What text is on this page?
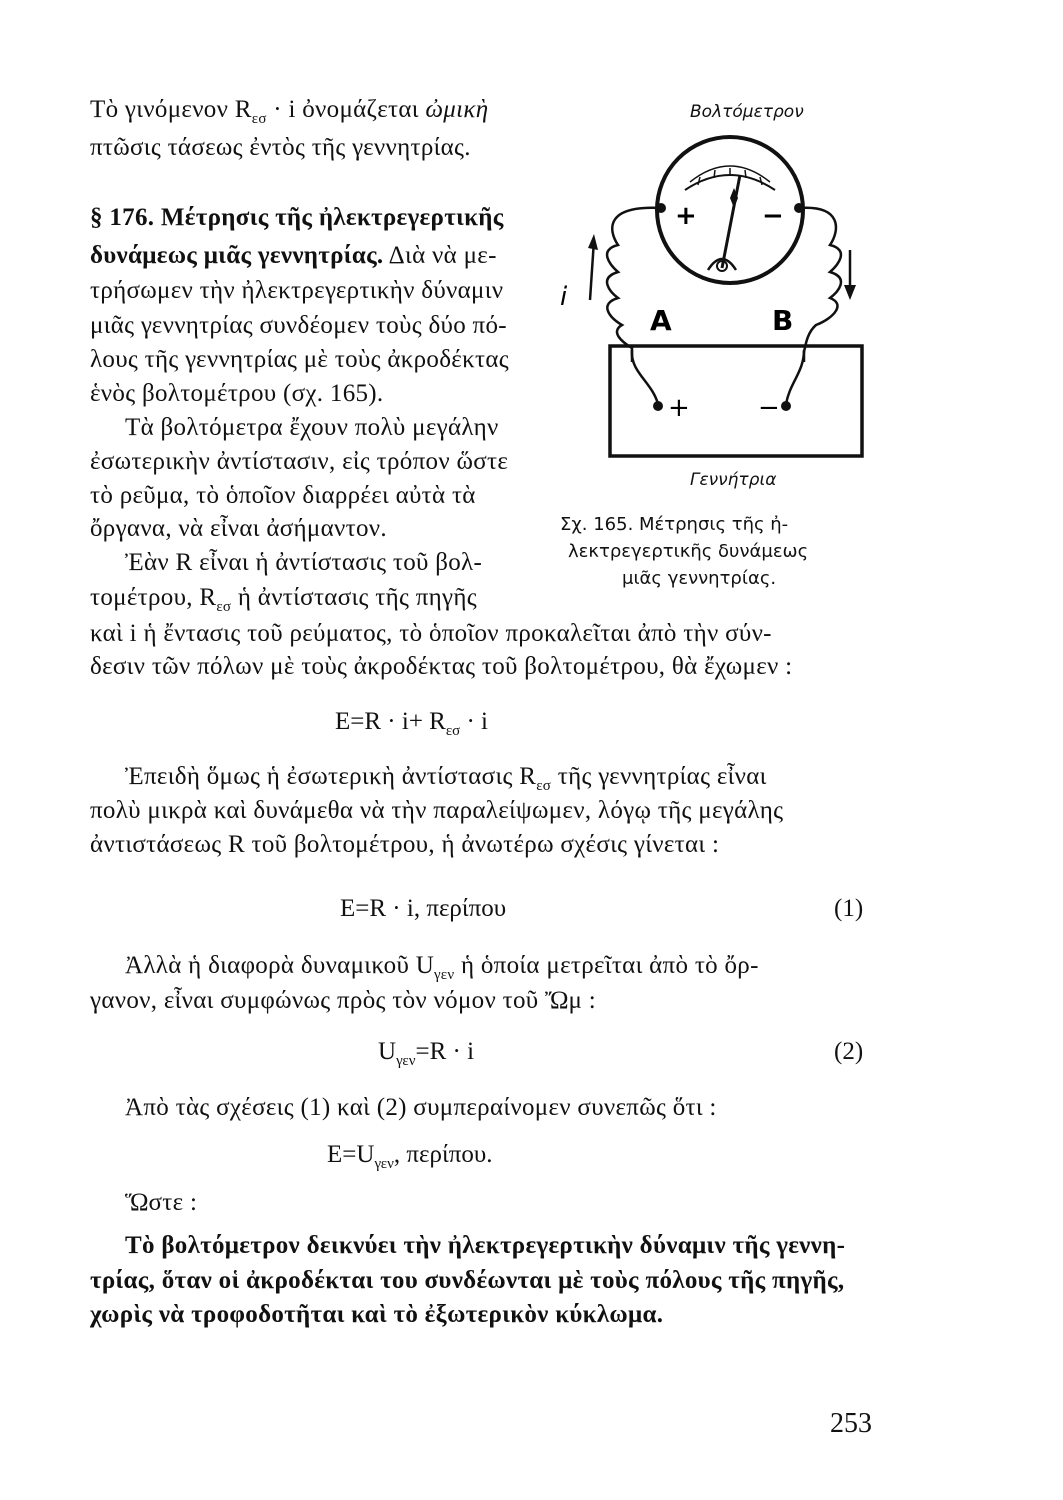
Τὸ γινόμενον $R_{\varepsilon\sigma} \cdot i$ ὀνομάζεται ὠμικὴ
πτῶσις τάσεως ἐντὸς τῆς γεννητρίας.
§ 176. Μέτρησις τῆς ἠλεκτρεγερτικῆς
δυνάμεως μιᾶς γεννητρίας. Διὰ νὰ με-
τρήσωμεν τὴν ἠλεκτρεγερτικὴν δύναμιν
μιᾶς γεννητρίας συνδέομεν τοὺς δύο πό-
λους τῆς γεννητρίας μὲ τοὺς ἀκροδέκτας
ἑνὸς βολτομέτρου (σχ. 165).
Τὰ βολτόμετρα ἔχουν πολὺ μεγάλην
ἐσωτερικὴν ἀντίστασιν, εἰς τρόπον ὥστε
τὸ ρεῦμα, τὸ ὁποῖον διαρρέει αὐτὰ τὰ
ὄργανα, νὰ εἶναι ἀσήμαντον.
Ἐὰν R εἶναι ἡ ἀντίστασις τοῦ βολ-
τομέτρου, $R_{\varepsilon\sigma}$ ἡ ἀντίστασις τῆς πηγῆς
καὶ i ἡ ἔντασις τοῦ ρεύματος, τὸ ὁποῖον προκαλεῖται ἀπὸ τὴν σύν-
δεσιν τῶν πόλων μὲ τοὺς ἀκροδέκτας τοῦ βολτομέτρου, θὰ ἔχωμεν :
$E=R \cdot i+ R_{\varepsilon\sigma} \cdot i$
Ἐπειδὴ ὅμως ἡ ἐσωτερικὴ ἀντίστασις $R_{\varepsilon\sigma}$ τῆς γεννητρίας εἶναι
πολὺ μικρὰ καὶ δυνάμεθα νὰ τὴν παραλείψωμεν, λόγῳ τῆς μεγάλης
ἀντιστάσεως R τοῦ βολτομέτρου, ἡ ἀνωτέρω σχέσις γίνεται :
E=R · i, περίπου	(1)
Ἀλλὰ ἡ διαφορὰ δυναμικοῦ $U_{\gamma\varepsilon\nu}$ ἡ ὁποία μετρεῖται ἀπὸ τὸ ὄρ-
γανον, εἶναι συμφώνως πρὸς τὸν νόμον τοῦ Ὤμ :
$U_{\gamma\varepsilon\nu}=R \cdot i$	(2)
Ἀπὸ τὰς σχέσεις (1) καὶ (2) συμπεραίνομεν συνεπῶς ὅτι :
$E=U_{\gamma\varepsilon\nu}$, περίπου.
Ὥστε :
Τὸ βολτόμετρον δεικνύει τὴν ἠλεκτρεγερτικὴν δύναμιν τῆς γεννη-
τρίας, ὅταν οἱ ἀκροδέκται του συνδέωνται μὲ τοὺς πόλους τῆς πηγῆς,
χωρὶς νὰ τροφοδοτῆται καὶ τὸ ἐξωτερικὸν κύκλωμα.
Βολτόμετρον
+	−
i
A	B
+	−
Γεννήτρια
Σχ. 165. Μέτρησις τῆς ἠ-
λεκτρεγερτικῆς δυνάμεως
μιᾶς γεννητρίας.
253
